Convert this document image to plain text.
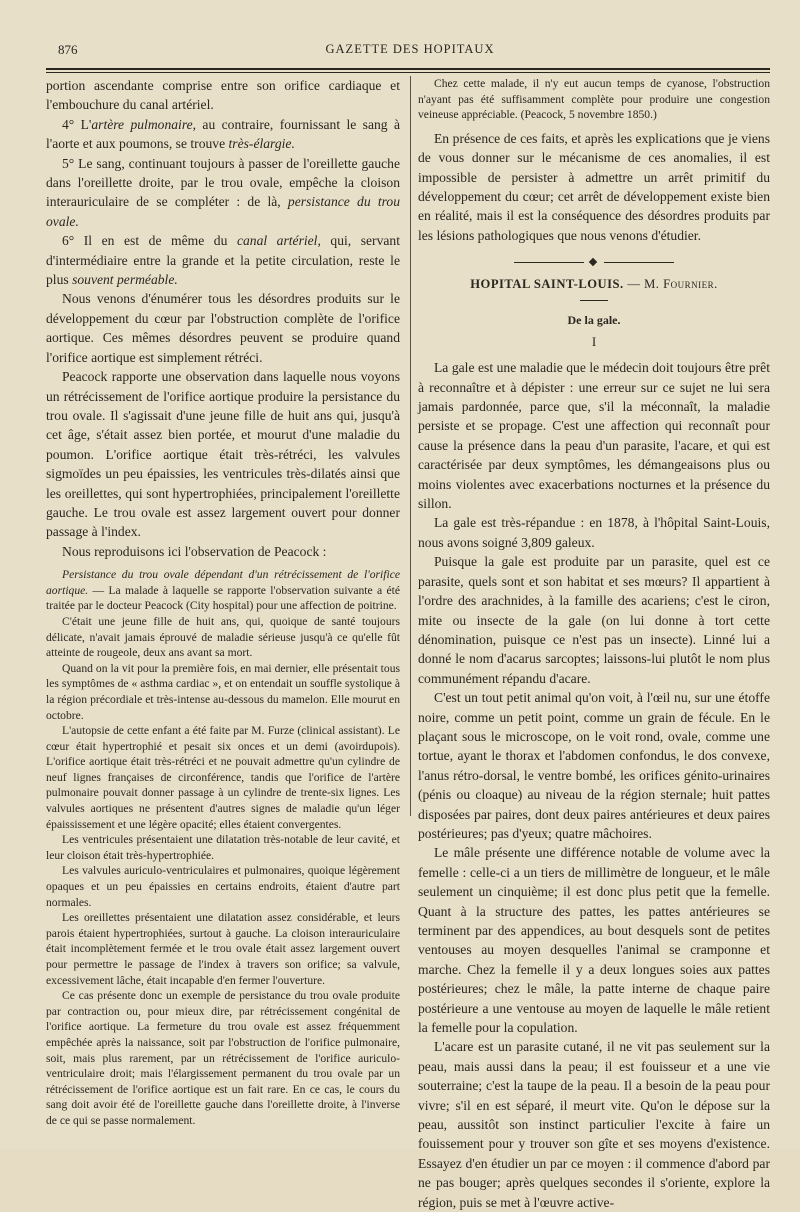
876	GAZETTE DES HOPITAUX

portion ascendante comprise entre son orifice cardiaque et l'embouchure du canal artériel.

4° L'artère pulmonaire, au contraire, fournissant le sang à l'aorte et aux poumons, se trouve très-élargie.

5° Le sang, continuant toujours à passer de l'oreillette gauche dans l'oreillette droite, par le trou ovale, empêche la cloison interauriculaire de se compléter : de là, persistance du trou ovale.

6° Il en est de même du canal artériel, qui, servant d'intermédiaire entre la grande et la petite circulation, reste le plus souvent perméable.

Nous venons d'énumérer tous les désordres produits sur le développement du cœur par l'obstruction complète de l'orifice aortique. Ces mêmes désordres peuvent se produire quand l'orifice aortique est simplement rétréci.

Peacock rapporte une observation dans laquelle nous voyons un rétrécissement de l'orifice aortique produire la persistance du trou ovale. Il s'agissait d'une jeune fille de huit ans qui, jusqu'à cet âge, s'était assez bien portée, et mourut d'une maladie du poumon. L'orifice aortique était très-rétréci, les valvules sigmoïdes un peu épaissies, les ventricules très-dilatés ainsi que les oreillettes, qui sont hypertrophiées, principalement l'oreillette gauche. Le trou ovale est assez largement ouvert pour donner passage à l'index.

Nous reproduisons ici l'observation de Peacock :

Persistance du trou ovale dépendant d'un rétrécissement de l'orifice aortique. — La malade à laquelle se rapporte l'observation suivante a été traitée par le docteur Peacock (City hospital) pour une affection de poitrine.

C'était une jeune fille de huit ans, qui, quoique de santé toujours délicate, n'avait jamais éprouvé de maladie sérieuse jusqu'à ce qu'elle fût atteinte de rougeole, deux ans avant sa mort.

Quand on la vit pour la première fois, en mai dernier, elle présentait tous les symptômes de « asthma cardiac », et on entendait un souffle systolique à la région précordiale et très-intense au-dessous du mamelon. Elle mourut en octobre.

L'autopsie de cette enfant a été faite par M. Furze (clinical assistant). Le cœur était hypertrophié et pesait six onces et un demi (avoirdupois). L'orifice aortique était très-rétréci et ne pouvait admettre qu'un cylindre de neuf lignes françaises de circonférence, tandis que l'orifice de l'artère pulmonaire pouvait donner passage à un cylindre de trente-six lignes. Les valvules aortiques ne présentent d'autres signes de maladie qu'un léger épaississement et une légère opacité; elles étaient convergentes.

Les ventricules présentaient une dilatation très-notable de leur cavité, et leur cloison était très-hypertrophiée.

Les valvules auriculo-ventriculaires et pulmonaires, quoique légèrement opaques et un peu épaissies en certains endroits, étaient d'autre part normales.

Les oreillettes présentaient une dilatation assez considérable, et leurs parois étaient hypertrophiées, surtout à gauche. La cloison interauriculaire était incomplètement fermée et le trou ovale était assez largement ouvert pour permettre le passage de l'index à travers son orifice; sa valvule, excessivement lâche, était incapable d'en fermer l'ouverture.

Ce cas présente donc un exemple de persistance du trou ovale produite par contraction ou, pour mieux dire, par rétrécissement congénital de l'orifice aortique. La fermeture du trou ovale est assez fréquemment empêchée après la naissance, soit par l'obstruction de l'orifice pulmonaire, soit, mais plus rarement, par un rétrécissement de l'orifice auriculo-ventriculaire droit; mais l'élargissement permanent du trou ovale par un rétrécissement de l'orifice aortique est un fait rare. En ce cas, le cours du sang doit avoir été de l'oreillette gauche dans l'oreillette droite, à l'inverse de ce qui se passe normalement.

Chez cette malade, il n'y eut aucun temps de cyanose, l'obstruction n'ayant pas été suffisamment complète pour produire une congestion veineuse appréciable. (Peacock, 5 novembre 1850.)

En présence de ces faits, et après les explications que je viens de vous donner sur le mécanisme de ces anomalies, il est impossible de persister à admettre un arrêt primitif du développement du cœur; cet arrêt de développement existe bien en réalité, mais il est la conséquence des désordres produits par les lésions pathologiques que nous venons d'étudier.

HOPITAL SAINT-LOUIS. — M. Fournier.

De la gale.

I

La gale est une maladie que le médecin doit toujours être prêt à reconnaître et à dépister : une erreur sur ce sujet ne lui sera jamais pardonnée, parce que, s'il la méconnaît, la maladie persiste et se propage. C'est une affection qui reconnaît pour cause la présence dans la peau d'un parasite, l'acare, et qui est caractérisée par deux symptômes, les démangeaisons plus ou moins violentes avec exacerbations nocturnes et la présence du sillon.

La gale est très-répandue : en 1878, à l'hôpital Saint-Louis, nous avons soigné 3,809 galeux.

Puisque la gale est produite par un parasite, quel est ce parasite, quels sont et son habitat et ses mœurs? Il appartient à l'ordre des arachnides, à la famille des acariens; c'est le ciron, mite ou insecte de la gale (on lui donne à tort cette dénomination, puisque ce n'est pas un insecte). Linné lui a donné le nom d'acarus sarcoptes; laissons-lui plutôt le nom plus communément répandu d'acare.

C'est un tout petit animal qu'on voit, à l'œil nu, sur une étoffe noire, comme un petit point, comme un grain de fécule. En le plaçant sous le microscope, on le voit rond, ovale, comme une tortue, ayant le thorax et l'abdomen confondus, le dos convexe, l'anus rétro-dorsal, le ventre bombé, les orifices génito-urinaires (pénis ou cloaque) au niveau de la région sternale; huit pattes disposées par paires, dont deux paires antérieures et deux paires postérieures; pas d'yeux; quatre mâchoires.

Le mâle présente une différence notable de volume avec la femelle : celle-ci a un tiers de millimètre de longueur, et le mâle seulement un cinquième; il est donc plus petit que la femelle. Quant à la structure des pattes, les pattes antérieures se terminent par des appendices, au bout desquels sont de petites ventouses au moyen desquelles l'animal se cramponne et marche. Chez la femelle il y a deux longues soies aux pattes postérieures; chez le mâle, la patte interne de chaque paire postérieure a une ventouse au moyen de laquelle le mâle retient la femelle pour la copulation.

L'acare est un parasite cutané, il ne vit pas seulement sur la peau, mais aussi dans la peau; il est fouisseur et a une vie souterraine; c'est la taupe de la peau. Il a besoin de la peau pour vivre; s'il en est séparé, il meurt vite. Qu'on le dépose sur la peau, aussitôt son instinct particulier l'excite à faire un fouissement pour y trouver son gîte et ses moyens d'existence. Essayez d'en étudier un par ce moyen : il commence d'abord par ne pas bouger; après quelques secondes il s'oriente, explore la région, puis se met à l'œuvre active-
